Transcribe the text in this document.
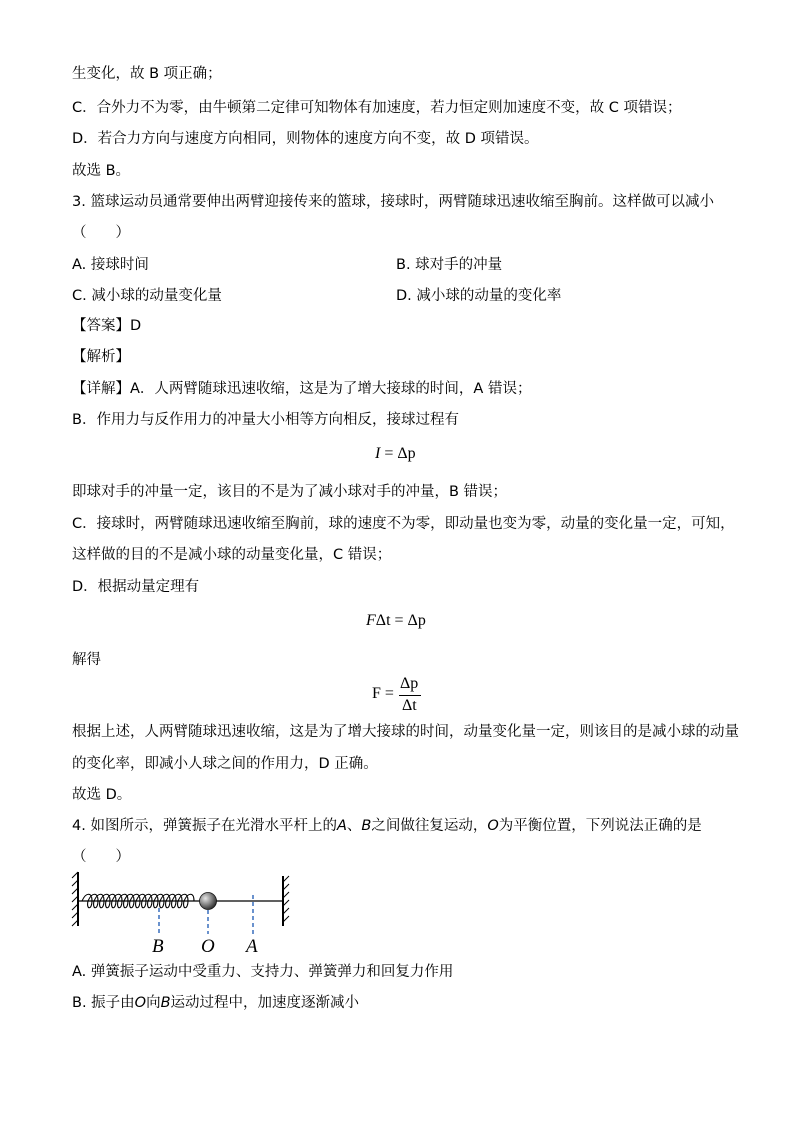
生变化，故 B 项正确；
C．合外力不为零，由牛顿第二定律可知物体有加速度，若力恒定则加速度不变，故 C 项错误；
D．若合力方向与速度方向相同，则物体的速度方向不变，故 D 项错误。
故选 B。
3. 篮球运动员通常要伸出两臂迎接传来的篮球，接球时，两臂随球迅速收缩至胸前。这样做可以减小
（　　）
A. 接球时间	B. 球对手的冲量
C. 减小球的动量变化量	D. 减小球的动量的变化率
【答案】D
【解析】
【详解】A．人两臂随球迅速收缩，这是为了增大接球的时间，A 错误；
B．作用力与反作用力的冲量大小相等方向相反，接球过程有
I = Δp
即球对手的冲量一定，该目的不是为了减小球对手的冲量，B 错误；
C．接球时，两臂随球迅速收缩至胸前，球的速度不为零，即动量也变为零，动量的变化量一定，可知，
这样做的目的不是减小球的动量变化量，C 错误；
D．根据动量定理有
FΔt = Δp
解得
F =
Δp
Δt
根据上述，人两臂随球迅速收缩，这是为了增大接球的时间，动量变化量一定，则该目的是减小球的动量
的变化率，即减小人球之间的作用力，D 正确。
故选 D。
4. 如图所示，弹簧振子在光滑水平杆上的A、B之间做往复运动，O为平衡位置，下列说法正确的是
（　　）
B O A
A. 弹簧振子运动中受重力、支持力、弹簧弹力和回复力作用
B. 振子由O向B运动过程中，加速度逐渐减小
